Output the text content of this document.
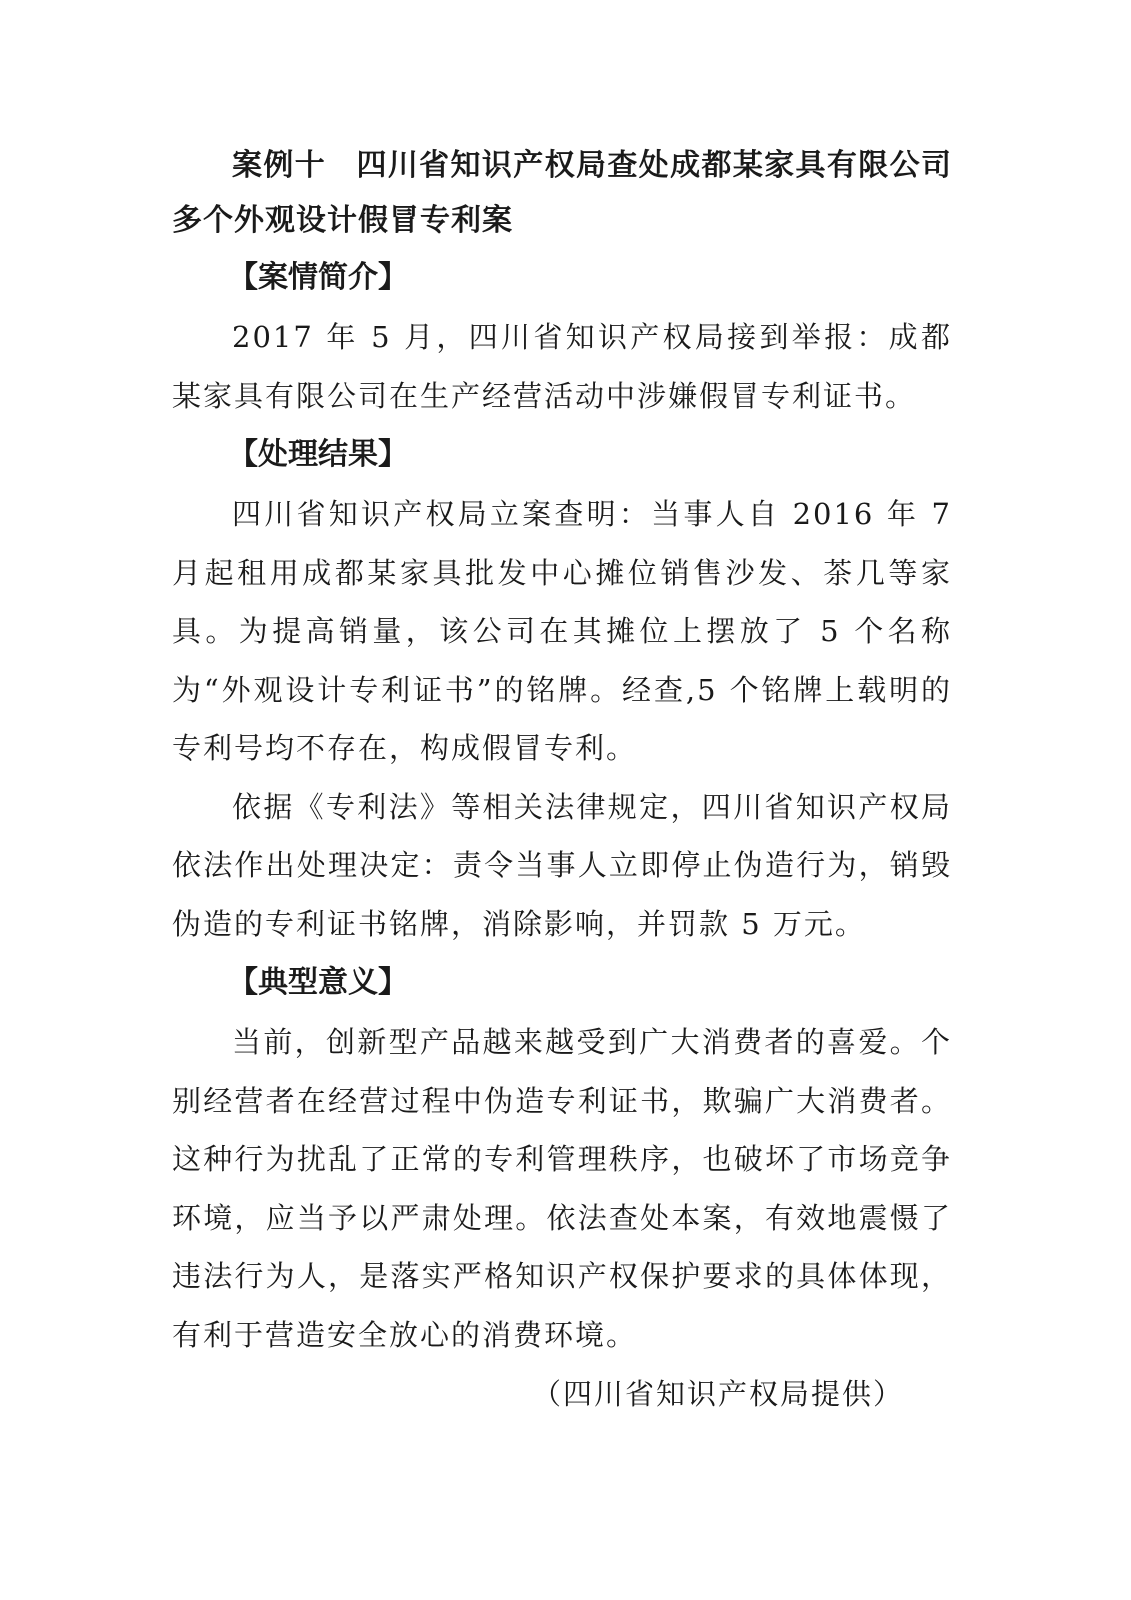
案例十 四川省知识产权局查处成都某家具有限公司多个外观设计假冒专利案

【案情简介】

2017 年 5 月，四川省知识产权局接到举报：成都某家具有限公司在生产经营活动中涉嫌假冒专利证书。

【处理结果】

四川省知识产权局立案查明：当事人自 2016 年 7 月起租用成都某家具批发中心摊位销售沙发、茶几等家具。为提高销量，该公司在其摊位上摆放了 5 个名称为“外观设计专利证书”的铭牌。经查,5 个铭牌上载明的专利号均不存在，构成假冒专利。

依据《专利法》等相关法律规定，四川省知识产权局依法作出处理决定：责令当事人立即停止伪造行为，销毁伪造的专利证书铭牌，消除影响，并罚款 5 万元。

【典型意义】

当前，创新型产品越来越受到广大消费者的喜爱。个别经营者在经营过程中伪造专利证书，欺骗广大消费者。这种行为扰乱了正常的专利管理秩序，也破坏了市场竞争环境，应当予以严肃处理。依法查处本案，有效地震慑了违法行为人，是落实严格知识产权保护要求的具体体现，有利于营造安全放心的消费环境。

（四川省知识产权局提供）
